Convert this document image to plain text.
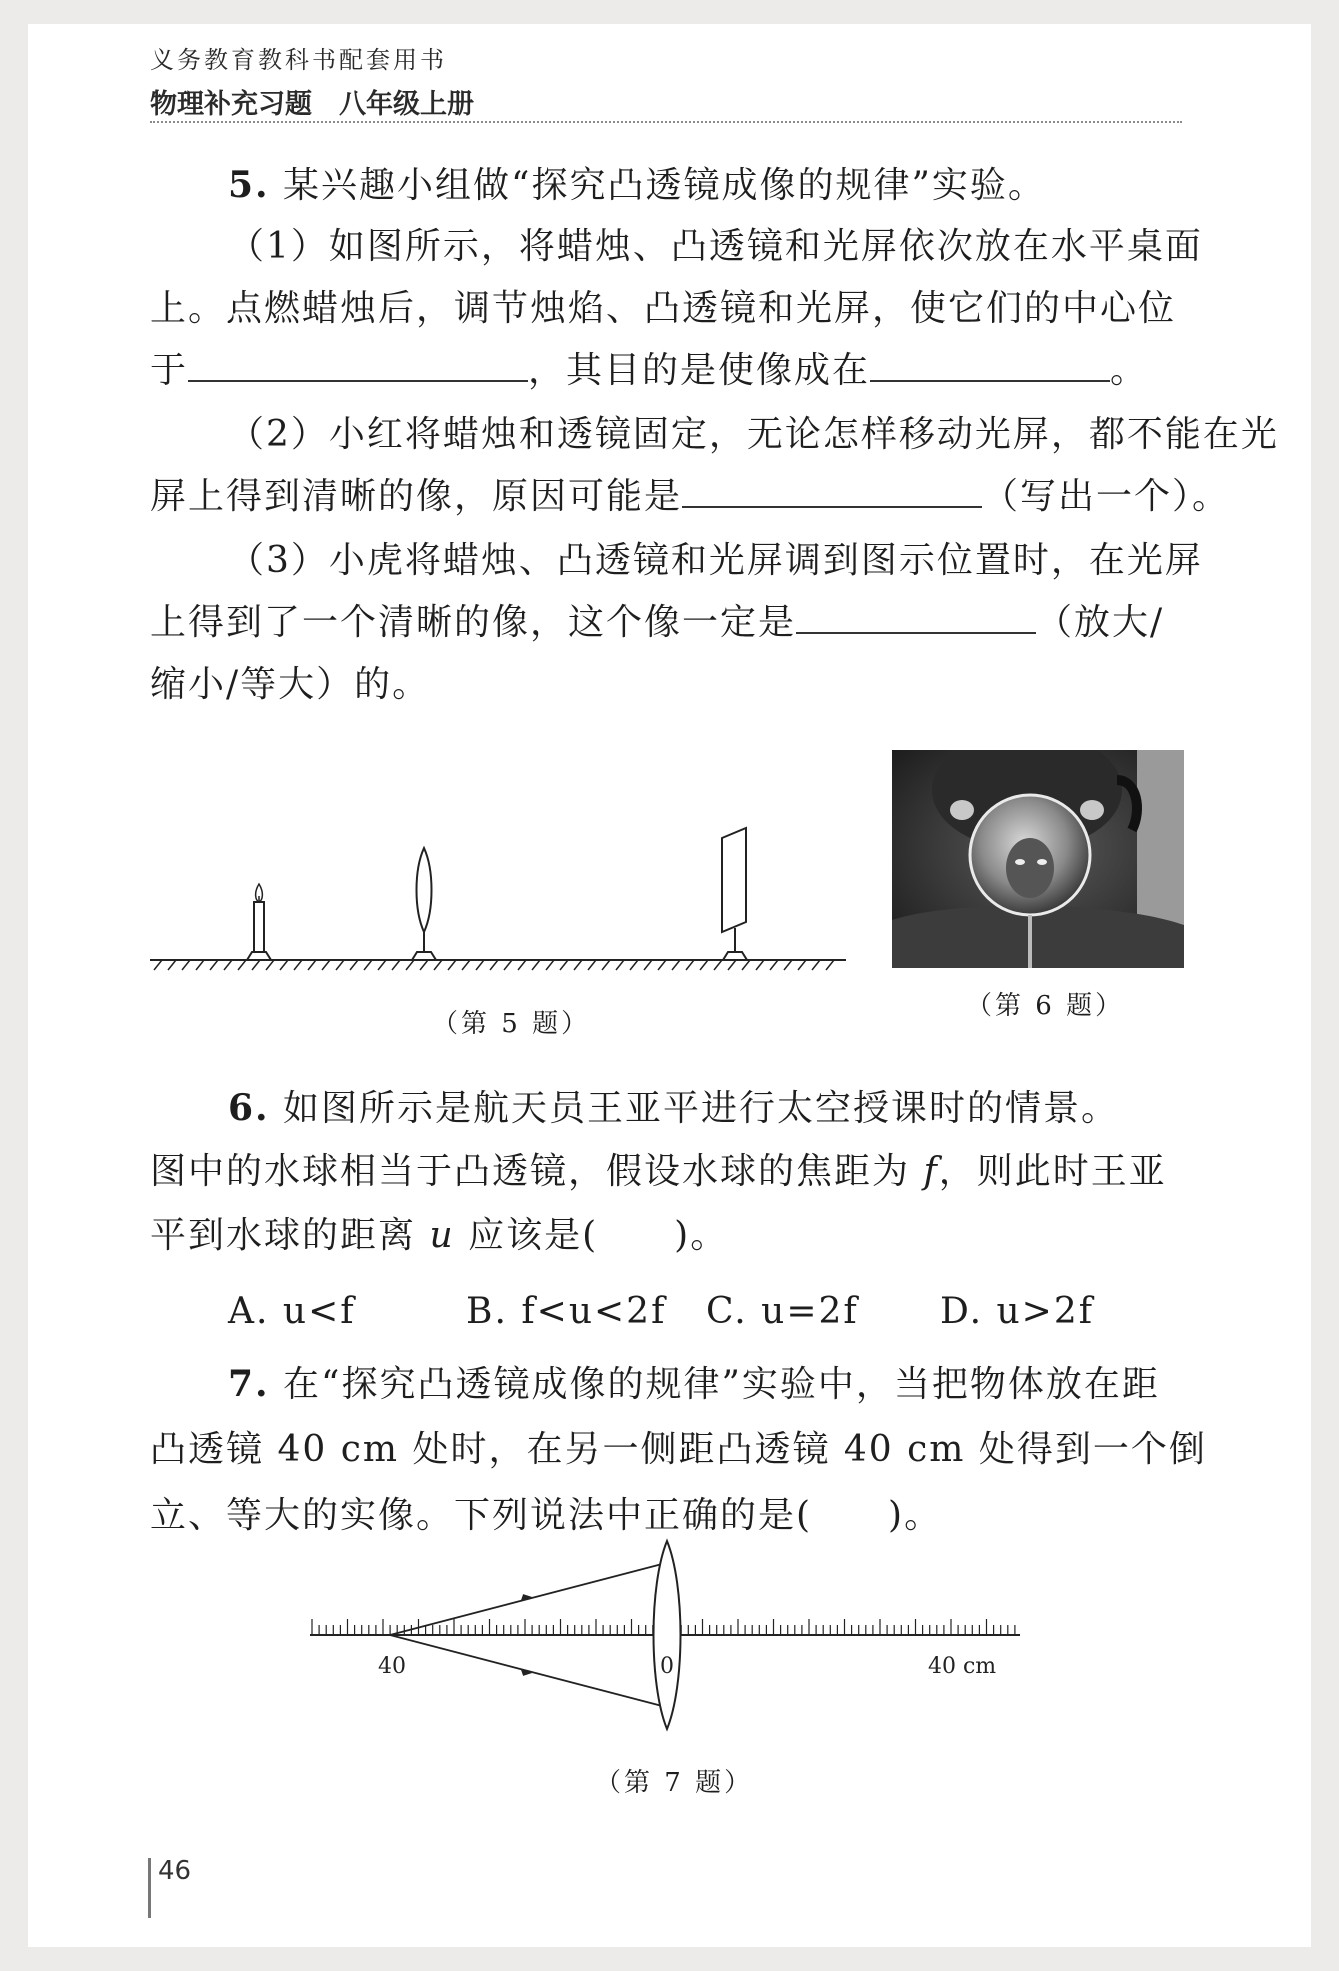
义务教育教科书配套用书
物理补充习题　八年级上册
5. 某兴趣小组做“探究凸透镜成像的规律”实验。
（1）如图所示，将蜡烛、凸透镜和光屏依次放在水平桌面
上。点燃蜡烛后，调节烛焰、凸透镜和光屏，使它们的中心位
于	，其目的是使像成在	。
（2）小红将蜡烛和透镜固定，无论怎样移动光屏，都不能在光
屏上得到清晰的像，原因可能是	（写出一个）。
（3）小虎将蜡烛、凸透镜和光屏调到图示位置时，在光屏
上得到了一个清晰的像，这个像一定是	（放大/
缩小/等大）的。
（第 5 题）
（第 6 题）
6. 如图所示是航天员王亚平进行太空授课时的情景。
图中的水球相当于凸透镜，假设水球的焦距为 f，则此时王亚
平到水球的距离 u 应该是(　　)。
A. u<f	B. f<u<2f C. u=2f D. u>2f
7. 在“探究凸透镜成像的规律”实验中，当把物体放在距
凸透镜 40 cm 处时，在另一侧距凸透镜 40 cm 处得到一个倒
立、等大的实像。下列说法中正确的是(　　)。
40	0	40 cm
（第 7 题）
46
